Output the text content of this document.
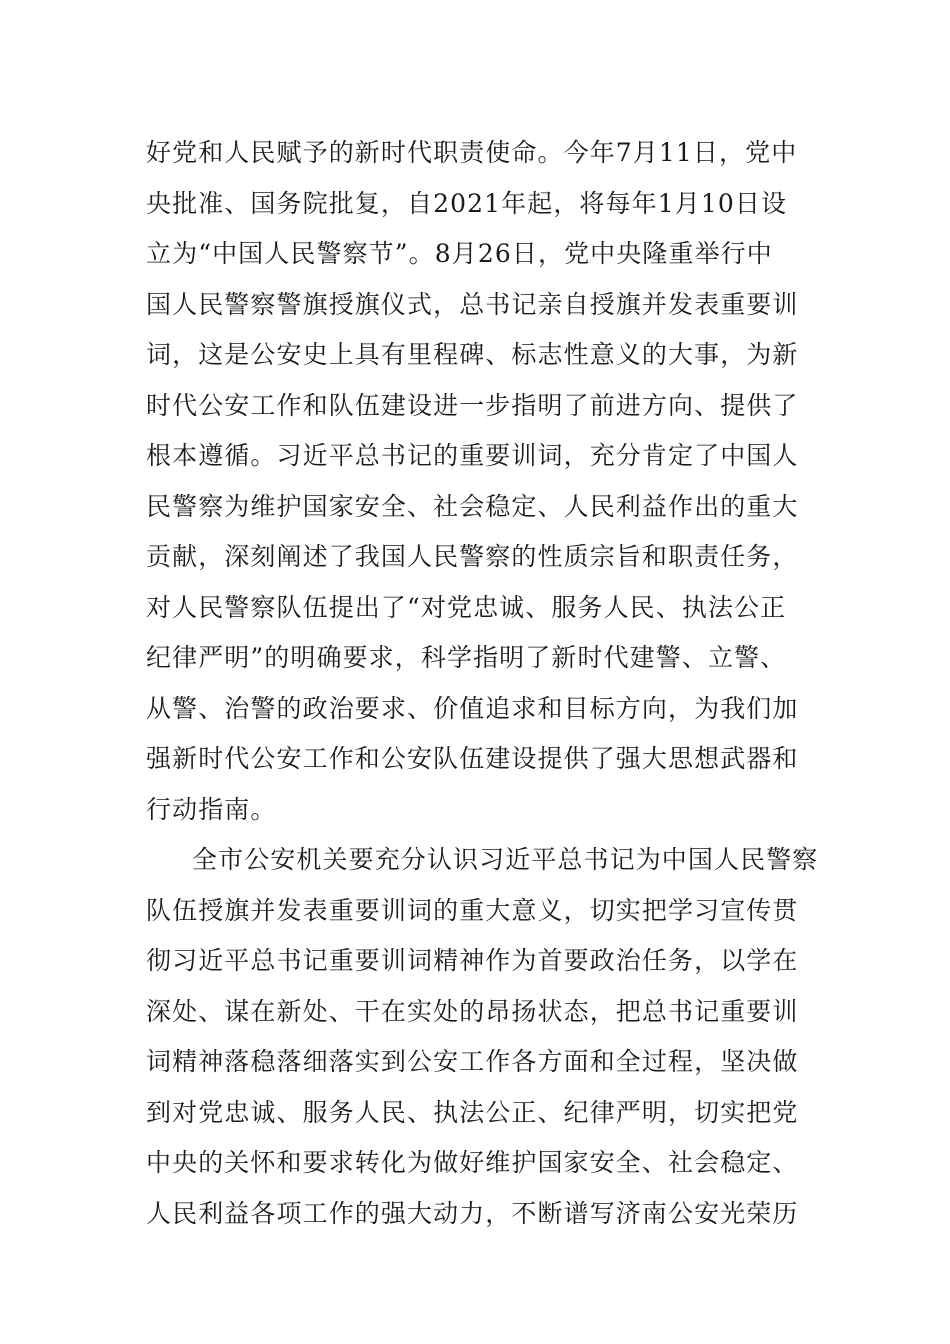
好党和人民赋予的新时代职责使命。今年7月11日，党中
央批准、国务院批复，自2021年起，将每年1月10日设
立为“中国人民警察节”。8月26日，党中央隆重举行中
国人民警察警旗授旗仪式，总书记亲自授旗并发表重要训
词，这是公安史上具有里程碑、标志性意义的大事，为新
时代公安工作和队伍建设进一步指明了前进方向、提供了
根本遵循。习近平总书记的重要训词，充分肯定了中国人
民警察为维护国家安全、社会稳定、人民利益作出的重大
贡献，深刻阐述了我国人民警察的性质宗旨和职责任务，
对人民警察队伍提出了“对党忠诚、服务人民、执法公正
纪律严明”的明确要求，科学指明了新时代建警、立警、
从警、治警的政治要求、价值追求和目标方向，为我们加
强新时代公安工作和公安队伍建设提供了强大思想武器和
行动指南。
全市公安机关要充分认识习近平总书记为中国人民警察
队伍授旗并发表重要训词的重大意义，切实把学习宣传贯
彻习近平总书记重要训词精神作为首要政治任务，以学在
深处、谋在新处、干在实处的昂扬状态，把总书记重要训
词精神落稳落细落实到公安工作各方面和全过程，坚决做
到对党忠诚、服务人民、执法公正、纪律严明，切实把党
中央的关怀和要求转化为做好维护国家安全、社会稳定、
人民利益各项工作的强大动力，不断谱写济南公安光荣历
